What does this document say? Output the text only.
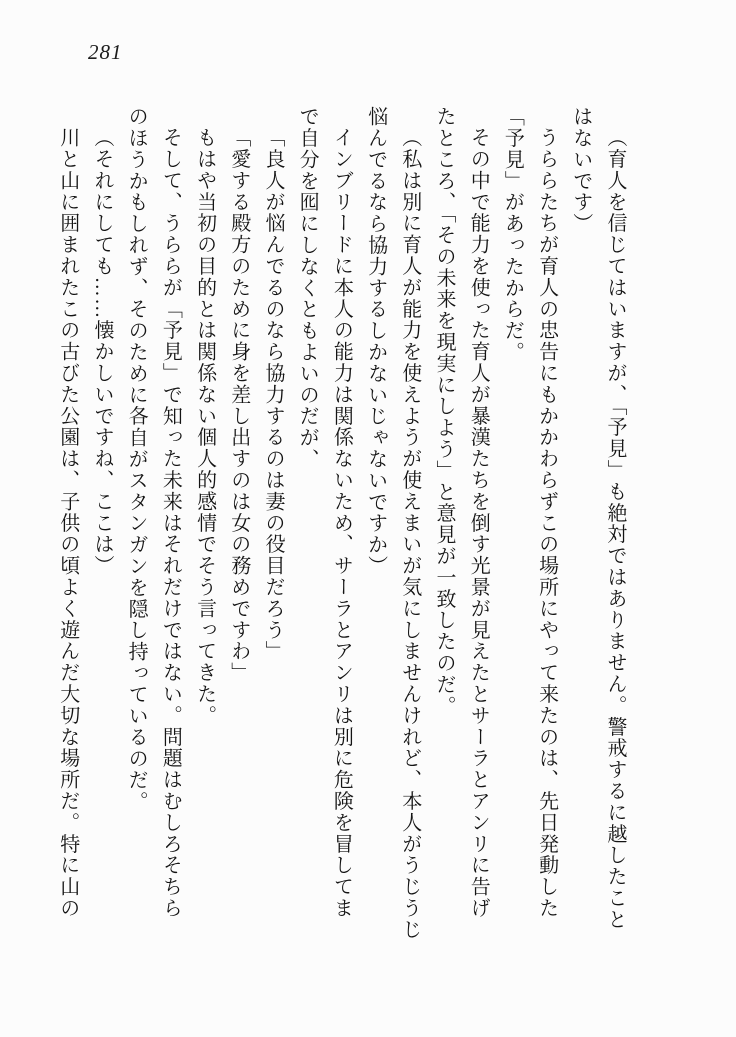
281
（育人を信じてはいますが、「予見」も絶対ではありません。警戒するに越したこと
はないです）
うららたちが育人の忠告にもかかわらずこの場所にやって来たのは、先日発動した
「予見」があったからだ。
その中で能力を使った育人が暴漢たちを倒す光景が見えたとサーラとアンリに告げ
たところ、「その未来を現実にしよう」と意見が一致したのだ。
（私は別に育人が能力を使えようが使えまいが気にしませんけれど、本人がうじうじ
悩んでるなら協力するしかないじゃないですか）
インブリードに本人の能力は関係ないため、サーラとアンリは別に危険を冒してま
で自分を囮にしなくともよいのだが、
「良人が悩んでるのなら協力するのは妻の役目だろう」
「愛する殿方のために身を差し出すのは女の務めですわ」
もはや当初の目的とは関係ない個人的感情でそう言ってきた。
そして、うららが「予見」で知った未来はそれだけではない。問題はむしろそちら
のほうかもしれず、そのために各自がスタンガンを隠し持っているのだ。
（それにしても……懐かしいですね、ここは）
川と山に囲まれたこの古びた公園は、子供の頃よく遊んだ大切な場所だ。特に山の
